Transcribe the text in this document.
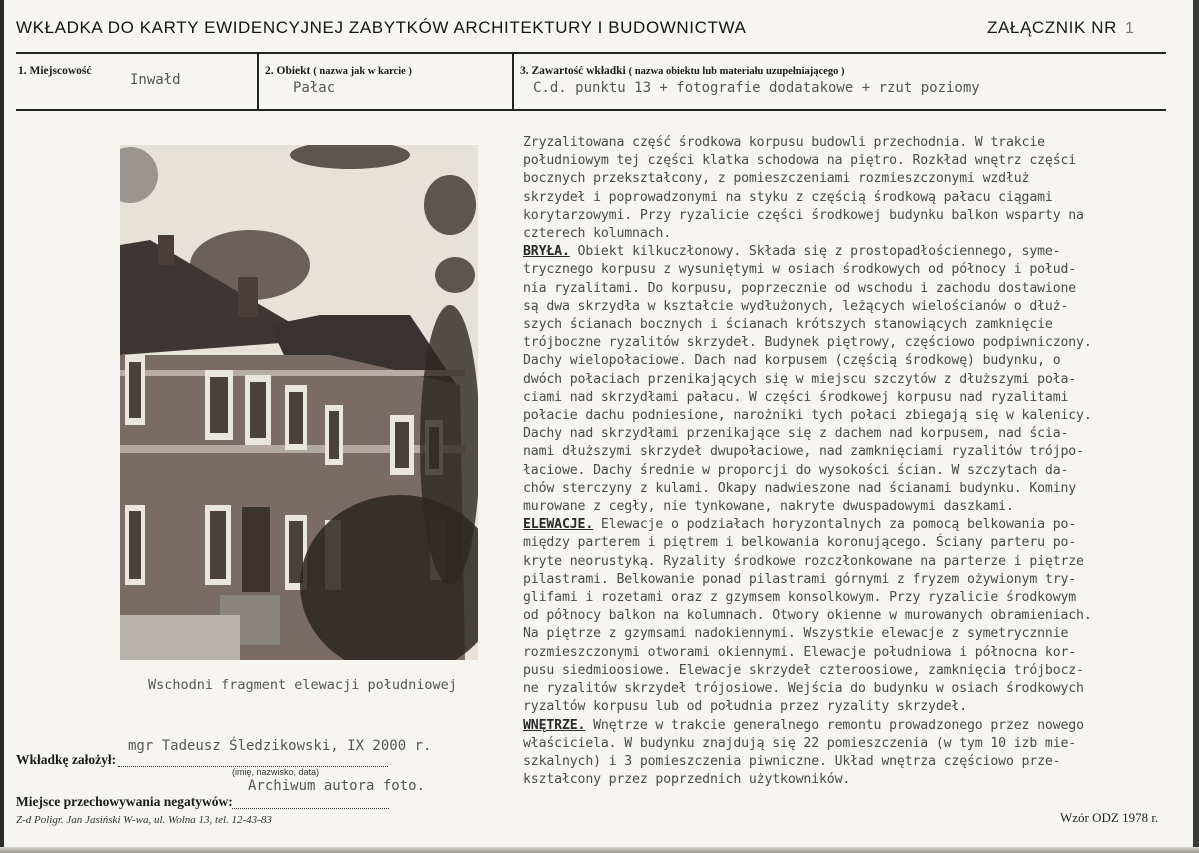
WKŁADKA DO KARTY EWIDENCYJNEJ ZABYTKÓW ARCHITEKTURY I BUDOWNICTWA	ZAŁĄCZNIK NR 1
1. Miejscowość
Inwałd
2. Obiekt ( nazwa jak w karcie )
Pałac
3. Zawartość wkładki ( nazwa obiektu lub materiału uzupełniającego )
C.d. punktu 13 + fotografie dodatakowe + rzut poziomy
Wschodni fragment elewacji południowej
Zryzalitowana część środkowa korpusu budowli przechodnia. W trakcie
południowym tej części klatka schodowa na piętro. Rozkład wnętrz części
bocznych przekształcony, z pomieszczeniami rozmieszczonymi wzdłuż
skrzydeł i poprowadzonymi na styku z częścią środkową pałacu ciągami
korytarzowymi. Przy ryzalicie części środkowej budynku balkon wsparty na
czterech kolumnach.
BRYŁA. Obiekt kilkuczłonowy. Składa się z prostopadłościennego, syme-
trycznego korpusu z wysuniętymi w osiach środkowych od północy i połud-
nia ryzalitami. Do korpusu, poprzecznie od wschodu i zachodu dostawione
są dwa skrzydła w kształcie wydłużonych, leżących wielościanów o dłuż-
szych ścianach bocznych i ścianach krótszych stanowiących zamknięcie
trójboczne ryzalitów skrzydeł. Budynek piętrowy, częściowo podpiwniczony.
Dachy wielopołaciowe. Dach nad korpusem (częścią środkowę) budynku, o
dwóch połaciach przenikających się w miejscu szczytów z dłuższymi poła-
ciami nad skrzydłami pałacu. W części środkowej korpusu nad ryzalitami
połacie dachu podniesione, narożniki tych połaci zbiegają się w kalenicy.
Dachy nad skrzydłami przenikające się z dachem nad korpusem, nad ścia-
nami dłuższymi skrzydeł dwupołaciowe, nad zamknięciami ryzalitów trójpo-
łaciowe. Dachy średnie w proporcji do wysokości ścian. W szczytach da-
chów sterczyny z kulami. Okapy nadwieszone nad ścianami budynku. Kominy
murowane z cegły, nie tynkowane, nakryte dwuspadowymi daszkami.
ELEWACJE. Elewacje o podziałach horyzontalnych za pomocą belkowania po-
między parterem i piętrem i belkowania koronującego. Ściany parteru po-
kryte neorustyką. Ryzality środkowe rozczłonkowane na parterze i piętrze
pilastrami. Belkowanie ponad pilastrami górnymi z fryzem ożywionym try-
glifami i rozetami oraz z gzymsem konsolkowym. Przy ryzalicie środkowym
od północy balkon na kolumnach. Otwory okienne w murowanych obramieniach.
Na piętrze z gzymsami nadokiennymi. Wszystkie elewacje z symetrycznnie
rozmieszczonymi otworami okiennymi. Elewacje południowa i północna kor-
pusu siedmioosiowe. Elewacje skrzydeł czteroosiowe, zamknięcia trójbocz-
ne ryzalitów skrzydeł trójosiowe. Wejścia do budynku w osiach środkowych
ryzaltów korpusu lub od południa przez ryzality skrzydeł.
WNĘTRZE. Wnętrze w trakcie generalnego remontu prowadzonego przez nowego
właściciela. W budynku znajdują się 22 pomieszczenia (w tym 10 izb mie-
szkalnych) i 3 pomieszczenia piwniczne. Układ wnętrza częściowo prze-
kształcony przez poprzednich użytkowników.
mgr Tadeusz Śledzikowski, IX 2000 r.
Wkładkę założył:
(imię, nazwisko, data)
Archiwum autora foto.
Miejsce przechowywania negatywów:
Z-d Poligr. Jan Jasiński W-wa, ul. Wolna 13, tel. 12-43-83	Wzór ODZ 1978 r.
